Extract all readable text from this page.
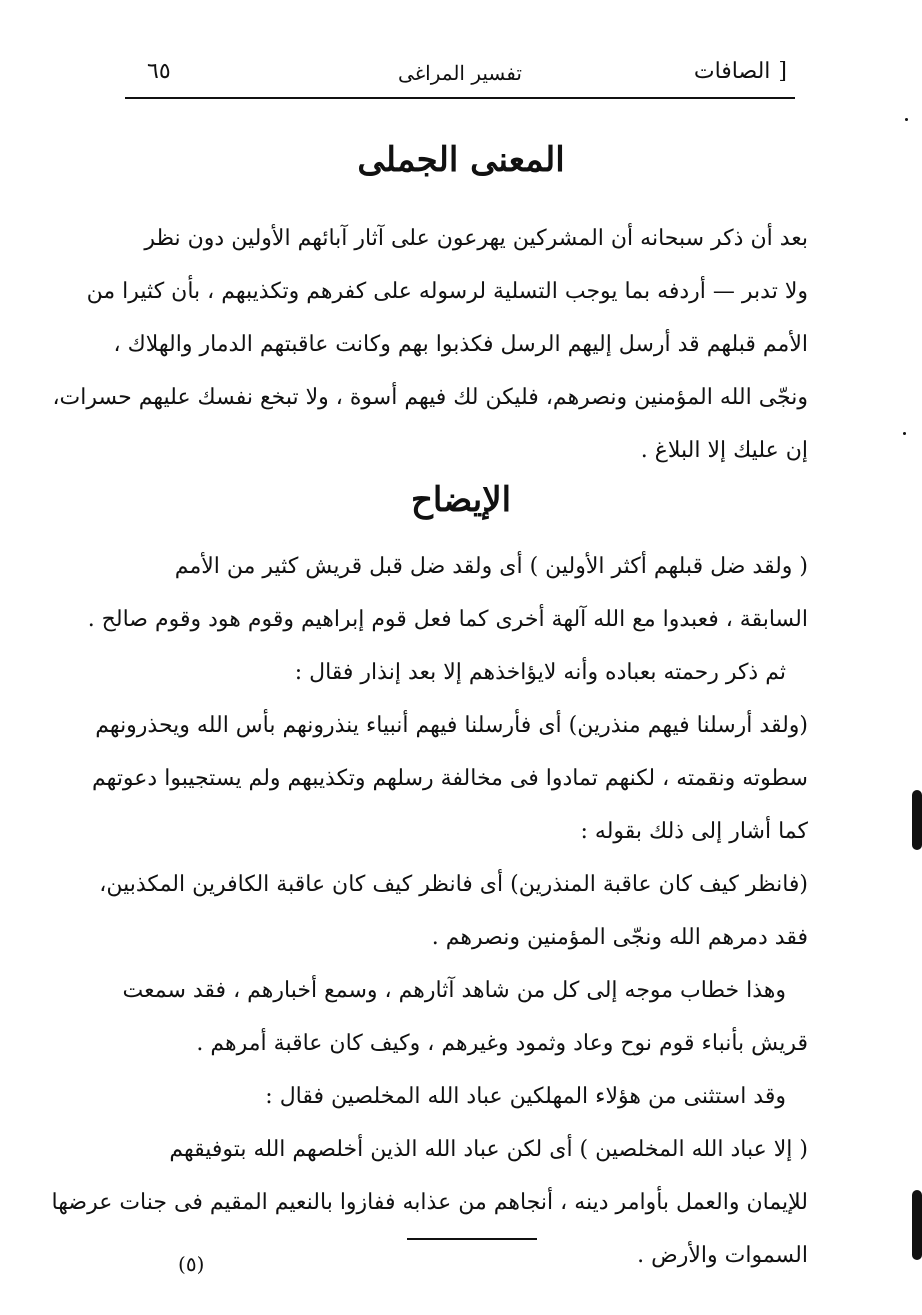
٦٥	تفسير المراغى	الصافات ]
المعنى الجملى
بعد أن ذكر سبحانه أن المشركين يهرعون على آثار آبائهم الأولين دون نظر
ولا تدبر — أردفه بما يوجب التسلية لرسوله على كفرهم وتكذيبهم ، بأن كثيرا من
الأمم قبلهم قد أرسل إليهم الرسل فكذبوا بهم وكانت عاقبتهم الدمار والهلاك ،
ونجّى الله المؤمنين ونصرهم، فليكن لك فيهم أسوة ، ولا تبخع نفسك عليهم حسرات،
إن عليك إلا البلاغ .
الإيضاح
( ولقد ضل قبلهم أكثر الأولين ) أى ولقد ضل قبل قريش كثير من الأمم
السابقة ، فعبدوا مع الله آلهة أخرى كما فعل قوم إبراهيم وقوم هود وقوم صالح .
ثم ذكر رحمته بعباده وأنه لايؤاخذهم إلا بعد إنذار فقال :
(ولقد أرسلنا فيهم منذرين) أى فأرسلنا فيهم أنبياء ينذرونهم بأس الله ويحذرونهم
سطوته ونقمته ، لكنهم تمادوا فى مخالفة رسلهم وتكذيبهم ولم يستجيبوا دعوتهم
كما أشار إلى ذلك بقوله :
(فانظر كيف كان عاقبة المنذرين) أى فانظر كيف كان عاقبة الكافرين المكذبين،
فقد دمرهم الله ونجّى المؤمنين ونصرهم .
وهذا خطاب موجه إلى كل من شاهد آثارهم ، وسمع أخبارهم ، فقد سمعت
قريش بأنباء قوم نوح وعاد وثمود وغيرهم ، وكيف كان عاقبة أمرهم .
وقد استثنى من هؤلاء المهلكين عباد الله المخلصين فقال :
( إلا عباد الله المخلصين ) أى لكن عباد الله الذين أخلصهم الله بتوفيقهم
للإيمان والعمل بأوامر دينه ، أنجاهم من عذابه ففازوا بالنعيم المقيم فى جنات عرضها
السموات والأرض .
(٥)
